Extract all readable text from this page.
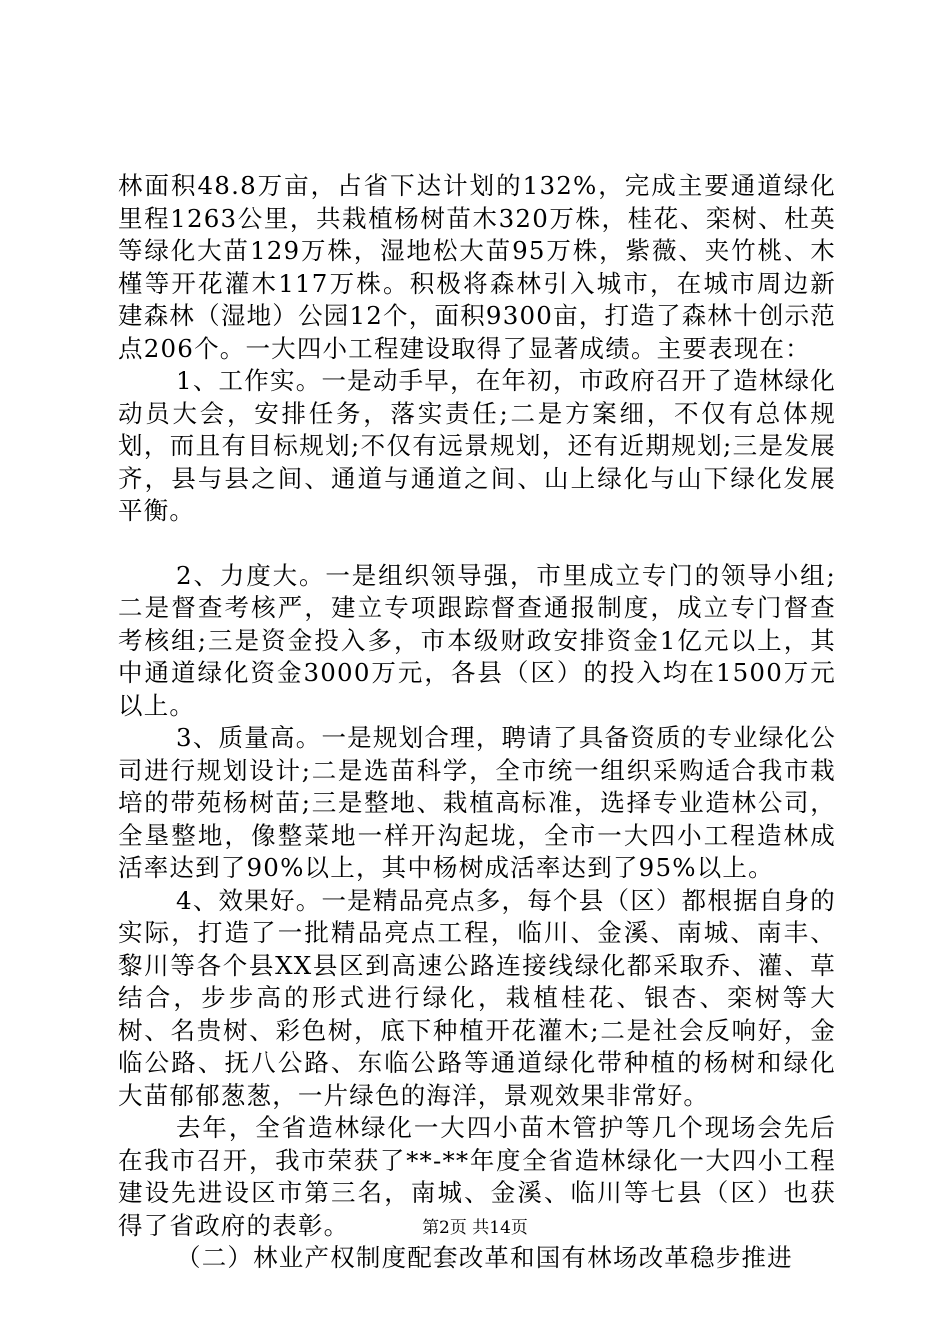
林面积48.8万亩，占省下达计划的132%，完成主要通道绿化里程1263公里，共栽植杨树苗木320万株，桂花、栾树、杜英等绿化大苗129万株，湿地松大苗95万株，紫薇、夹竹桃、木槿等开花灌木117万株。积极将森林引入城市，在城市周边新建森林（湿地）公园12个，面积9300亩，打造了森林十创示范点206个。一大四小工程建设取得了显著成绩。主要表现在：

1、工作实。一是动手早，在年初，市政府召开了造林绿化动员大会，安排任务，落实责任;二是方案细，不仅有总体规划，而且有目标规划;不仅有远景规划，还有近期规划;三是发展齐，县与县之间、通道与通道之间、山上绿化与山下绿化发展平衡。

2、力度大。一是组织领导强，市里成立专门的领导小组;二是督查考核严，建立专项跟踪督查通报制度，成立专门督查考核组;三是资金投入多，市本级财政安排资金1亿元以上，其中通道绿化资金3000万元，各县（区）的投入均在1500万元以上。

3、质量高。一是规划合理，聘请了具备资质的专业绿化公司进行规划设计;二是选苗科学，全市统一组织采购适合我市栽培的带苑杨树苗;三是整地、栽植高标准，选择专业造林公司，全垦整地，像整菜地一样开沟起垅，全市一大四小工程造林成活率达到了90%以上，其中杨树成活率达到了95%以上。

4、效果好。一是精品亮点多，每个县（区）都根据自身的实际，打造了一批精品亮点工程，临川、金溪、南城、南丰、黎川等各个县XX县区到高速公路连接线绿化都采取乔、灌、草结合，步步高的形式进行绿化，栽植桂花、银杏、栾树等大树、名贵树、彩色树，底下种植开花灌木;二是社会反响好，金临公路、抚八公路、东临公路等通道绿化带种植的杨树和绿化大苗郁郁葱葱，一片绿色的海洋，景观效果非常好。

去年，全省造林绿化一大四小苗木管护等几个现场会先后在我市召开，我市荣获了**-**年度全省造林绿化一大四小工程建设先进设区市第三名，南城、金溪、临川等七县（区）也获得了省政府的表彰。

（二）林业产权制度配套改革和国有林场改革稳步推进

第2页 共14页
